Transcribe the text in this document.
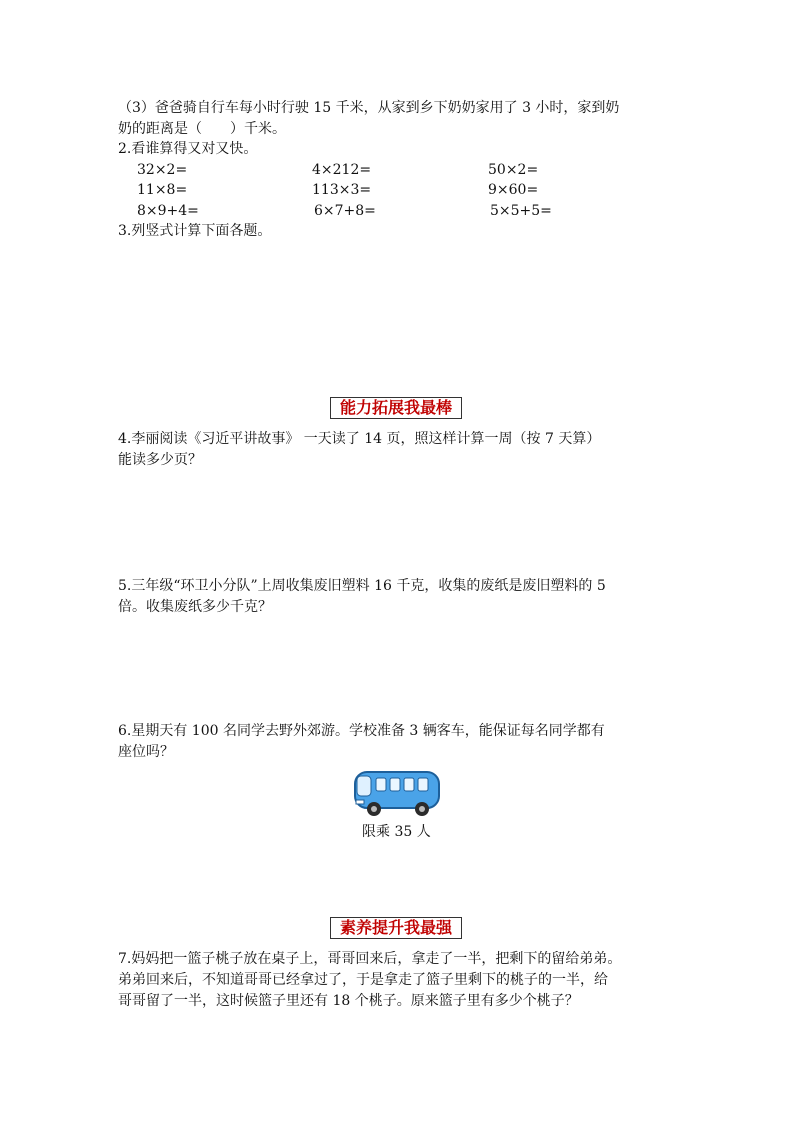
（3）爸爸骑自行车每小时行驶 15 千米，从家到乡下奶奶家用了 3 小时，家到奶
奶的距离是（　　）千米。
2.看谁算得又对又快。
32×2=	4×212=	50×2=
11×8=	113×3=	9×60=
8×9+4=	6×7+8=	5×5+5=
3.列竖式计算下面各题。
能力拓展我最棒
4.李丽阅读《习近平讲故事》 一天读了 14 页，照这样计算一周（按 7 天算）
能读多少页？
5.三年级“环卫小分队”上周收集废旧塑料 16 千克，收集的废纸是废旧塑料的 5
倍。收集废纸多少千克？
6.星期天有 100 名同学去野外郊游。学校准备 3 辆客车，能保证每名同学都有
座位吗？
限乘 35 人
素养提升我最强
7.妈妈把一篮子桃子放在桌子上，哥哥回来后，拿走了一半，把剩下的留给弟弟。
弟弟回来后，不知道哥哥已经拿过了，于是拿走了篮子里剩下的桃子的一半，给
哥哥留了一半，这时候篮子里还有 18 个桃子。原来篮子里有多少个桃子？
